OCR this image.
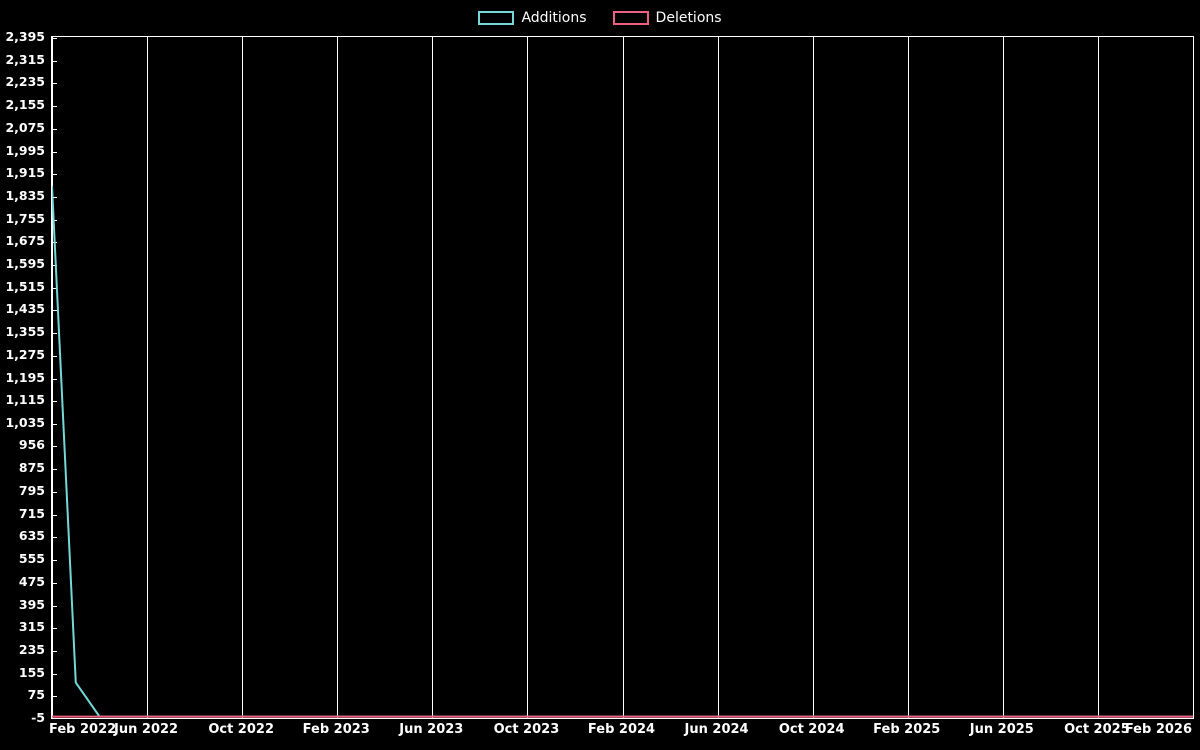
Additions	Deletions
2,395
2,315
2,235
2,155
2,075
1,995
1,915
1,835
1,755
1,675
1,595
1,515
1,435
1,355
1,275
1,195
1,115
1,035
956
875
795
715
635
555
475
395
315
235
155
75
-5
Feb 2022
Jun 2022 Oct 2022 Feb 2023 Jun 2023 Oct 2023 Feb 2024 Jun 2024 Oct 2024 Feb 2025 Jun 2025 Oct 2025
Feb 2026
